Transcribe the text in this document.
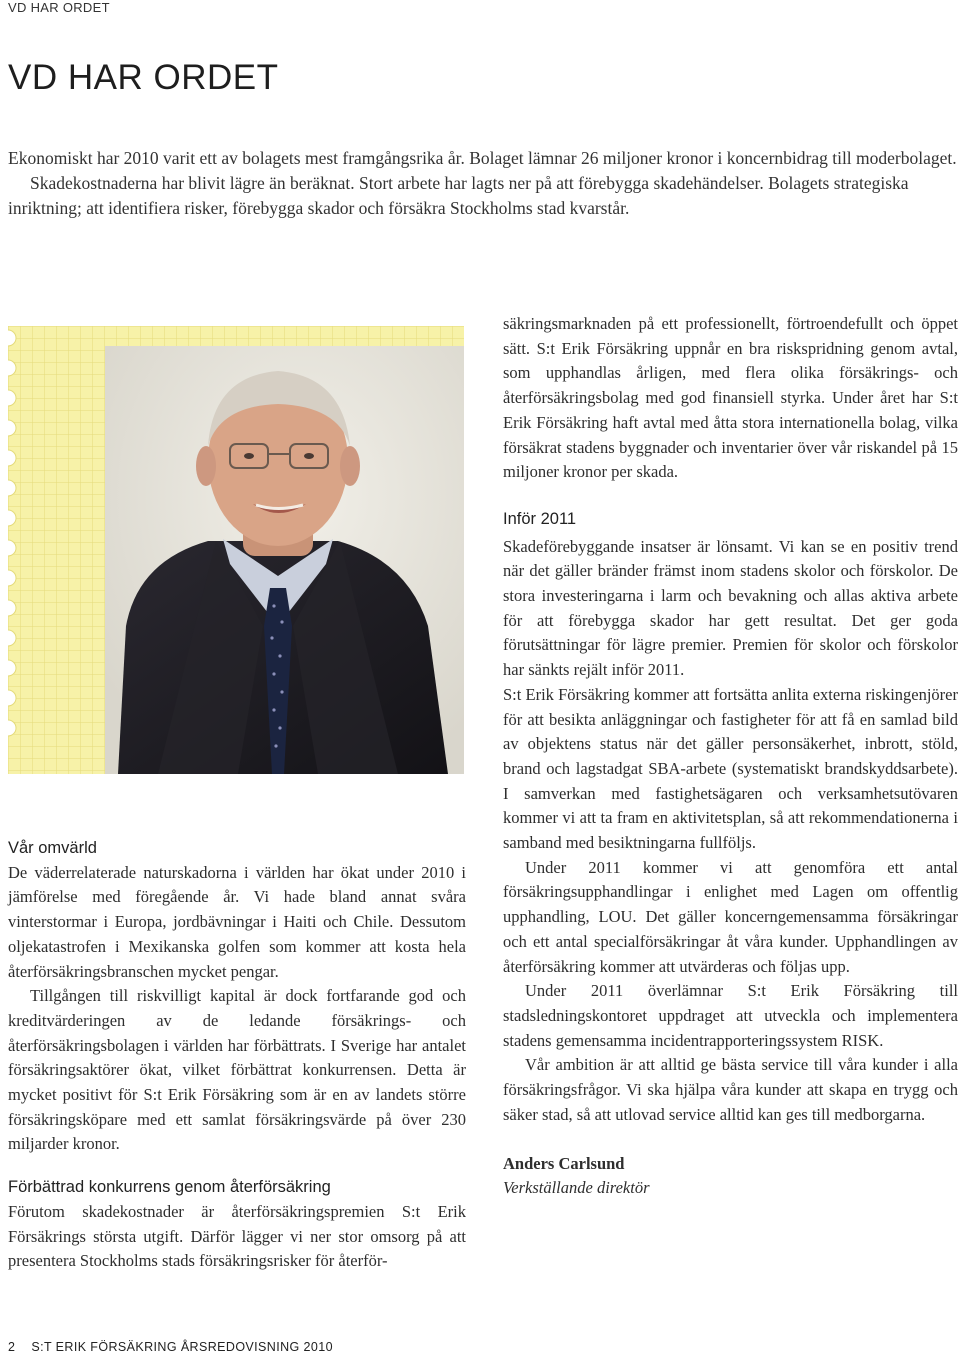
VD HAR ORDET
VD HAR ORDET

Ekonomiskt har 2010 varit ett av bolagets mest framgångsrika år. Bolaget lämnar 26 miljoner kronor i koncernbidrag till moderbolaget.

Skadekostnaderna har blivit lägre än beräknat. Stort arbete har lagts ner på att förebygga skadehändelser. Bolagets strategiska inriktning; att identifiera risker, förebygga skador och försäkra Stockholms stad kvarstår.

Vår omvärld

De väderrelaterade naturskadorna i världen har ökat under 2010 i jämförelse med föregående år. Vi hade bland annat svåra vinterstormar i Europa, jordbävningar i Haiti och Chile. Dessutom oljekatastrofen i Mexikanska golfen som kommer att kosta hela återförsäkringsbranschen mycket pengar.

Tillgången till riskvilligt kapital är dock fortfarande god och kreditvärderingen av de ledande försäkrings- och återförsäkringsbolagen i världen har förbättrats. I Sverige har antalet försäkringsaktörer ökat, vilket förbättrat konkurrensen. Detta är mycket positivt för S:t Erik Försäkring som är en av landets större försäkringsköpare med ett samlat försäkringsvärde på över 230 miljarder kronor.

Förbättrad konkurrens genom återförsäkring

Förutom skadekostnader är återförsäkringspremien S:t Erik Försäkrings största utgift. Därför lägger vi ner stor omsorg på att presentera Stockholms stads försäkringsrisker för återför-

säkringsmarknaden på ett professionellt, förtroendefullt och öppet sätt. S:t Erik Försäkring uppnår en bra riskspridning genom avtal, som upphandlas årligen, med flera olika försäkrings- och återförsäkringsbolag med god finansiell styrka. Under året har S:t Erik Försäkring haft avtal med åtta stora internationella bolag, vilka försäkrat stadens byggnader och inventarier över vår riskandel på 15 miljoner kronor per skada.

Inför 2011

Skadeförebyggande insatser är lönsamt. Vi kan se en positiv trend när det gäller bränder främst inom stadens skolor och förskolor. De stora investeringarna i larm och bevakning och allas aktiva arbete för att förebygga skador har gett resultat. Det ger goda förutsättningar för lägre premier. Premien för skolor och förskolor har sänkts rejält inför 2011.

S:t Erik Försäkring kommer att fortsätta anlita externa riskingenjörer för att besikta anläggningar och fastigheter för att få en samlad bild av objektens status när det gäller personsäkerhet, inbrott, stöld, brand och lagstadgat SBA-arbete (systematiskt brandskyddsarbete). I samverkan med fastighetsägaren och verksamhetsutövaren kommer vi att ta fram en aktivitetsplan, så att rekommendationerna i samband med besiktningarna fullföljs.

Under 2011 kommer vi att genomföra ett antal försäkringsupphandlingar i enlighet med Lagen om offentlig upphandling, LOU. Det gäller koncerngemensamma försäkringar och ett antal specialförsäkringar åt våra kunder. Upphandlingen av återförsäkring kommer att utvärderas och följas upp.

Under 2011 överlämnar S:t Erik Försäkring till stadsledningskontoret uppdraget att utveckla och implementera stadens gemensamma incidentrapporteringssystem RISK.

Vår ambition är att alltid ge bästa service till våra kunder i alla försäkringsfrågor. Vi ska hjälpa våra kunder att skapa en trygg och säker stad, så att utlovad service alltid kan ges till medborgarna.

Anders Carlsund
Verkställande direktör
2 S:T ERIK FÖRSÄKRING ÅRSREDOVISNING 2010
